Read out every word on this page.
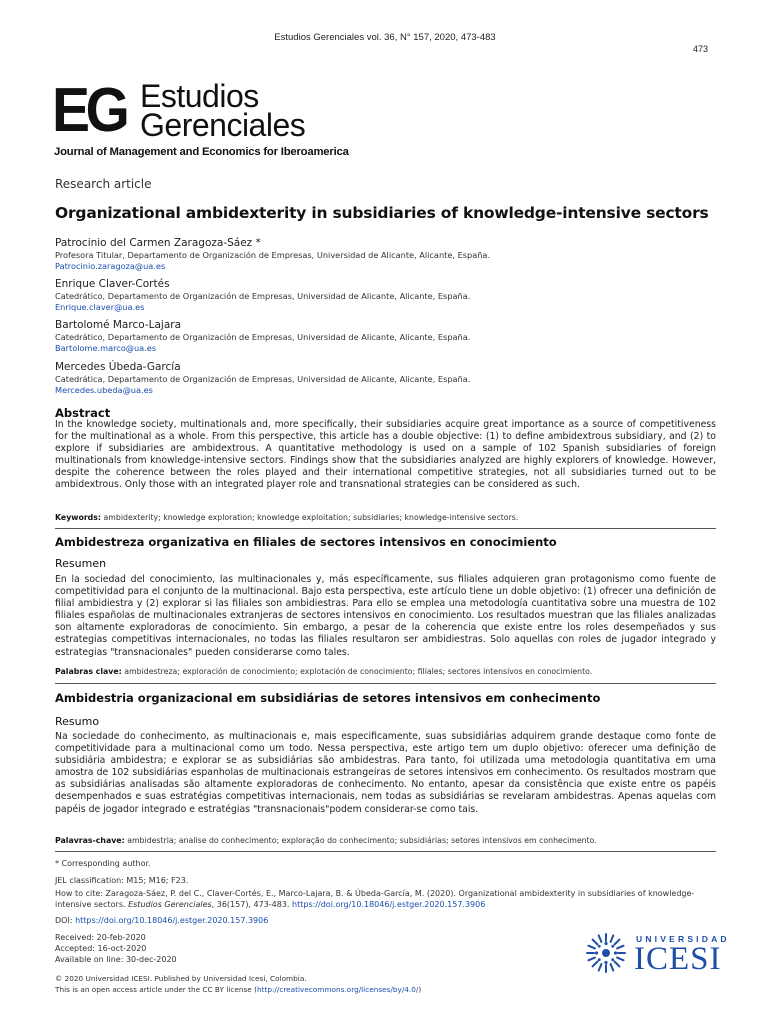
Estudios Gerenciales vol. 36, N° 157, 2020, 473-483
473
EG Estudios
Gerenciales
Journal of Management and Economics for Iberoamerica
Research article
Organizational ambidexterity in subsidiaries of knowledge-intensive sectors
Patrocinio del Carmen Zaragoza-Sáez *
Profesora Titular, Departamento de Organización de Empresas, Universidad de Alicante, Alicante, España.
Patrocinio.zaragoza@ua.es
Enrique Claver-Cortés
Catedrático, Departamento de Organización de Empresas, Universidad de Alicante, Alicante, España.
Enrique.claver@ua.es
Bartolomé Marco-Lajara
Catedrático, Departamento de Organización de Empresas, Universidad de Alicante, Alicante, España.
Bartolome.marco@ua.es
Mercedes Úbeda-García
Catedrática, Departamento de Organización de Empresas, Universidad de Alicante, Alicante, España.
Mercedes.ubeda@ua.es
Abstract
In the knowledge society, multinationals and, more specifically, their subsidiaries acquire great importance as a source of competitiveness for the multinational as a whole. From this perspective, this article has a double objective: (1) to define ambidextrous subsidiary, and (2) to explore if subsidiaries are ambidextrous. A quantitative methodology is used on a sample of 102 Spanish subsidiaries of foreign multinationals from knowledge-intensive sectors. Findings show that the subsidiaries analyzed are highly explorers of knowledge. However, despite the coherence between the roles played and their international competitive strategies, not all subsidiaries turned out to be ambidextrous. Only those with an integrated player role and transnational strategies can be considered as such.
Keywords: ambidexterity; knowledge exploration; knowledge exploitation; subsidiaries; knowledge-intensive sectors.
Ambidestreza organizativa en filiales de sectores intensivos en conocimiento
Resumen
En la sociedad del conocimiento, las multinacionales y, más específicamente, sus filiales adquieren gran protagonismo como fuente de competitividad para el conjunto de la multinacional. Bajo esta perspectiva, este artículo tiene un doble objetivo: (1) ofrecer una definición de filial ambidiestra y (2) explorar si las filiales son ambidiestras. Para ello se emplea una metodología cuantitativa sobre una muestra de 102 filiales españolas de multinacionales extranjeras de sectores intensivos en conocimiento. Los resultados muestran que las filiales analizadas son altamente exploradoras de conocimiento. Sin embargo, a pesar de la coherencia que existe entre los roles desempeñados y sus estrategias competitivas internacionales, no todas las filiales resultaron ser ambidiestras. Solo aquellas con roles de jugador integrado y estrategias "transnacionales" pueden considerarse como tales.
Palabras clave: ambidestreza; exploración de conocimiento; explotación de conocimiento; filiales; sectores intensivos en conocimiento.
Ambidestria organizacional em subsidiárias de setores intensivos em conhecimento
Resumo
Na sociedade do conhecimento, as multinacionais e, mais especificamente, suas subsidiárias adquirem grande destaque como fonte de competitividade para a multinacional como um todo. Nessa perspectiva, este artigo tem um duplo objetivo: oferecer uma definição de subsidiária ambidestra; e explorar se as subsidiárias são ambidestras. Para tanto, foi utilizada uma metodologia quantitativa em uma amostra de 102 subsidiárias espanholas de multinacionais estrangeiras de setores intensivos em conhecimento. Os resultados mostram que as subsidiárias analisadas são altamente exploradoras de conhecimento. No entanto, apesar da consistência que existe entre os papéis desempenhados e suas estratégias competitivas internacionais, nem todas as subsidiárias se revelaram ambidestras. Apenas aquelas com papéis de jogador integrado e estratégias "transnacionais"podem considerar-se como tais.
Palavras-chave: ambidestria; analise do conhecimento; exploração do conhecimento; subsidiárias; setores intensivos em conhecimento.
* Corresponding author.
JEL classification: M15; M16; F23.
How to cite: Zaragoza-Sáez, P. del C., Claver-Cortés, E., Marco-Lajara, B. & Úbeda-García, M. (2020). Organizational ambidexterity in subsidiaries of knowledge-intensive sectors. Estudios Gerenciales, 36(157), 473-483. https://doi.org/10.18046/j.estger.2020.157.3906
DOI: https://doi.org/10.18046/j.estger.2020.157.3906
Received: 20-feb-2020
Accepted: 16-oct-2020
Available on line: 30-dec-2020
© 2020 Universidad ICESI. Published by Universidad Icesi, Colombia.
This is an open access article under the CC BY license (http://creativecommons.org/licenses/by/4.0/)
UNIVERSIDAD
ICESI
